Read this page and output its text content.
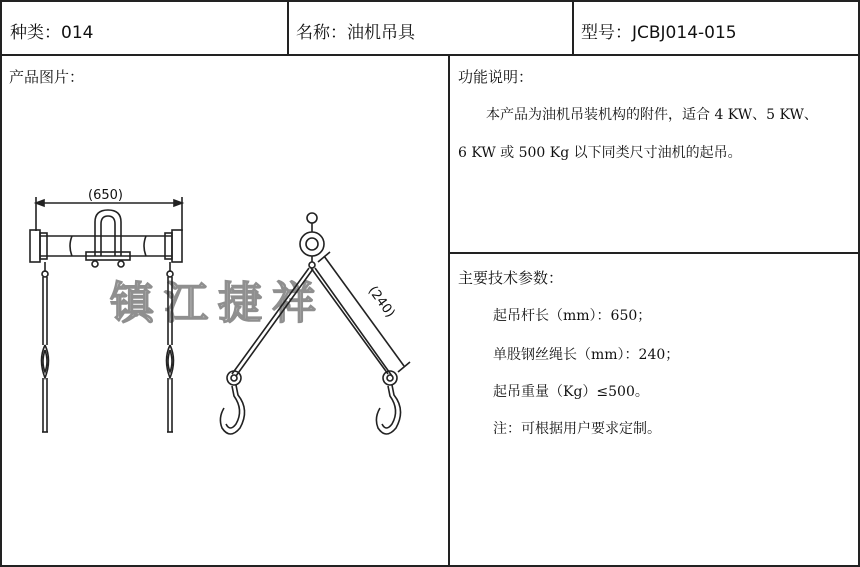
种类：014	名称：油机吊具	型号：JCBJ014-015
产品图片：
镇江捷祥
(650)
(240)
功能说明：
本产品为油机吊装机构的附件，适合 4 KW、5 KW、
6 KW 或 500 Kg 以下同类尺寸油机的起吊。
主要技术参数：
起吊杆长（mm）：650；
单股钢丝绳长（mm）：240；
起吊重量（Kg）≤500。
注：可根据用户要求定制。
